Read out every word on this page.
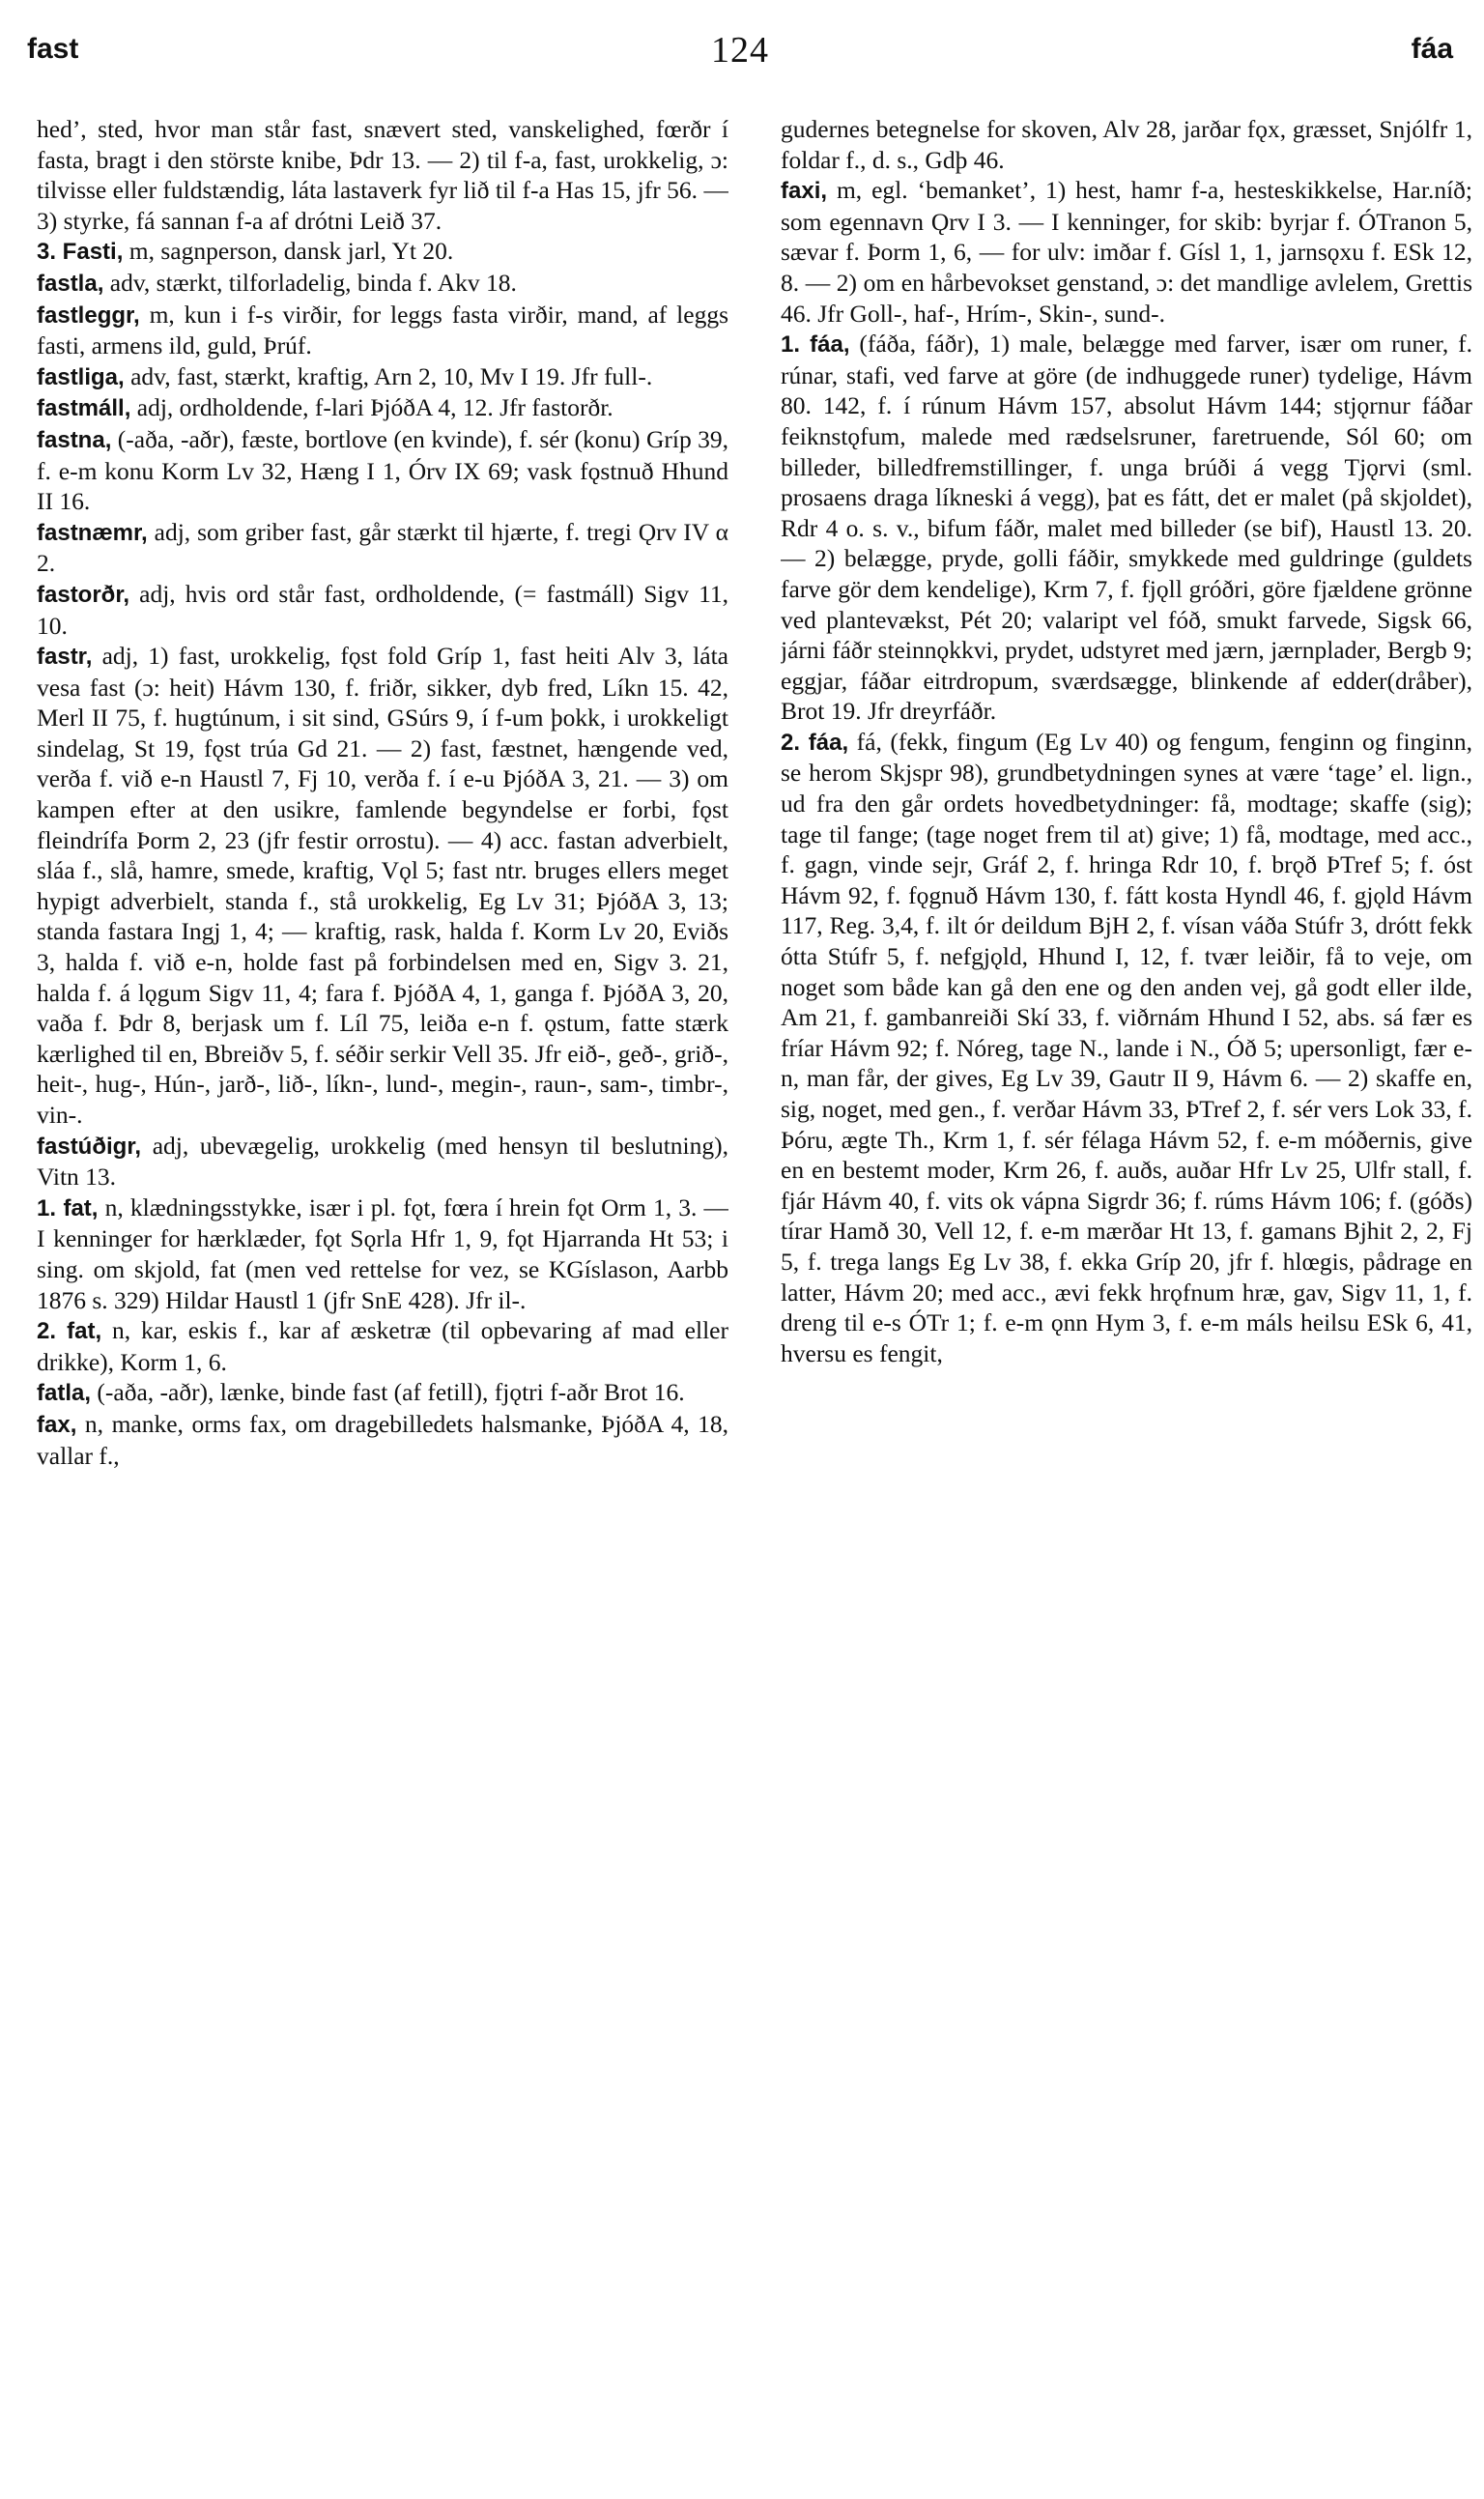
fast	124	fáa

hed’, sted, hvor man står fast, snævert sted, vanskelighed, fœrðr í fasta, bragt i den störste knibe, Þdr 13. — 2) til f-a, fast, urokkelig, ɔ: tilvisse eller fuldstændig, láta lastaverk fyr lið til f-a Has 15, jfr 56. — 3) styrke, fá sannan f-a af drótni Leið 37.

3. Fasti, m, sagnperson, dansk jarl, Yt 20.

fastla, adv, stærkt, tilforladelig, binda f. Akv 18.

fastleggr, m, kun i f-s virðir, for leggs fasta virðir, mand, af leggs fasti, armens ild, guld, Þrúf.

fastliga, adv, fast, stærkt, kraftig, Arn 2, 10, Mv I 19. Jfr full-.

fastmáll, adj, ordholdende, f-lari ÞjóðA 4, 12. Jfr fastorðr.

fastna, (-aða, -aðr), fæste, bortlove (en kvinde), f. sér (konu) Gríp 39, f. e-m konu Korm Lv 32, Hæng I 1, Órv IX 69; vask fǫstnuð Hhund II 16.

fastnæmr, adj, som griber fast, går stærkt til hjærte, f. tregi Ǫrv IV α 2.

fastorðr, adj, hvis ord står fast, ordholdende, (= fastmáll) Sigv 11, 10.

fastr, adj, 1) fast, urokkelig, fǫst fold Gríp 1, fast heiti Alv 3, láta vesa fast (ɔ: heit) Hávm 130, f. friðr, sikker, dyb fred, Líkn 15. 42, Merl II 75, f. hugtúnum, i sit sind, GSúrs 9, í f-um þokk, i urokkeligt sindelag, St 19, fǫst trúa Gd 21. — 2) fast, fæstnet, hængende ved, verða f. við e-n Haustl 7, Fj 10, verða f. í e-u ÞjóðA 3, 21. — 3) om kampen efter at den usikre, famlende begyndelse er forbi, fǫst fleindrífa Þorm 2, 23 (jfr festir orrostu). — 4) acc. fastan adverbielt, sláa f., slå, hamre, smede, kraftig, Vǫl 5; fast ntr. bruges ellers meget hypigt adverbielt, standa f., stå urokkelig, Eg Lv 31; ÞjóðA 3, 13; standa fastara Ingj 1, 4; — kraftig, rask, halda f. Korm Lv 20, Eviðs 3, halda f. við e-n, holde fast på forbindelsen med en, Sigv 3. 21, halda f. á lǫgum Sigv 11, 4; fara f. ÞjóðA 4, 1, ganga f. ÞjóðA 3, 20, vaða f. Þdr 8, berjask um f. Líl 75, leiða e-n f. ǫstum, fatte stærk kærlighed til en, Bbreiðv 5, f. séðir serkir Vell 35. Jfr eið-, geð-, grið-, heit-, hug-, Hún-, jarð-, lið-, líkn-, lund-, megin-, raun-, sam-, timbr-, vin-.

fastúðigr, adj, ubevægelig, urokkelig (med hensyn til beslutning), Vitn 13.

1. fat, n, klædningsstykke, især i pl. fǫt, fœra í hrein fǫt Orm 1, 3. — I kenninger for hærklæder, fǫt Sǫrla Hfr 1, 9, fǫt Hjarranda Ht 53; i sing. om skjold, fat (men ved rettelse for vez, se KGíslason, Aarbb 1876 s. 329) Hildar Haustl 1 (jfr SnE 428). Jfr il-.

2. fat, n, kar, eskis f., kar af æsketræ (til opbevaring af mad eller drikke), Korm 1, 6.

fatla, (-aða, -aðr), lænke, binde fast (af fetill), fjǫtri f-aðr Brot 16.

fax, n, manke, orms fax, om dragebilledets halsmanke, ÞjóðA 4, 18, vallar f.,

gudernes betegnelse for skoven, Alv 28, jarðar fǫx, græsset, Snjólfr 1, foldar f., d. s., Gdþ 46.

faxi, m, egl. ‘bemanket’, 1) hest, hamr f-a, hesteskikkelse, Har.níð; som egennavn Ǫrv I 3. — I kenninger, for skib: byrjar f. ÓTranon 5, sævar f. Þorm 1, 6, — for ulv: imðar f. Gísl 1, 1, jarnsǫxu f. ESk 12, 8. — 2) om en hårbevokset genstand, ɔ: det mandlige avlelem, Grettis 46. Jfr Goll-, haf-, Hrím-, Skin-, sund-.

1. fáa, (fáða, fáðr), 1) male, belægge med farver, især om runer, f. rúnar, stafi, ved farve at göre (de indhuggede runer) tydelige, Hávm 80. 142, f. í rúnum Hávm 157, absolut Hávm 144; stjǫrnur fáðar feiknstǫfum, malede med rædselsruner, faretruende, Sól 60; om billeder, billedfremstillinger, f. unga brúði á vegg Tjǫrvi (sml. prosaens draga líkneski á vegg), þat es fátt, det er malet (på skjoldet), Rdr 4 o. s. v., bifum fáðr, malet med billeder (se bif), Haustl 13. 20. — 2) belægge, pryde, golli fáðir, smykkede med guldringe (guldets farve gör dem kendelige), Krm 7, f. fjǫll gróðri, göre fjældene grönne ved plantevækst, Pét 20; valaript vel fóð, smukt farvede, Sigsk 66, járni fáðr steinnǫkkvi, prydet, udstyret med jærn, jærnplader, Bergb 9; eggjar, fáðar eitrdropum, sværdsægge, blinkende af edder(dråber), Brot 19. Jfr dreyrfáðr.

2. fáa, fá, (fekk, fingum (Eg Lv 40) og fengum, fenginn og finginn, se herom Skjspr 98), grundbetydningen synes at være ‘tage’ el. lign., ud fra den går ordets hovedbetydninger: få, modtage; skaffe (sig); tage til fange; (tage noget frem til at) give; 1) få, modtage, med acc., f. gagn, vinde sejr, Gráf 2, f. hringa Rdr 10, f. brǫð ÞTref 5; f. óst Hávm 92, f. fǫgnuð Hávm 130, f. fátt kosta Hyndl 46, f. gjǫld Hávm 117, Reg. 3,4, f. ilt ór deildum BjH 2, f. vísan váða Stúfr 3, drótt fekk ótta Stúfr 5, f. nefgjǫld, Hhund I, 12, f. tvær leiðir, få to veje, om noget som både kan gå den ene og den anden vej, gå godt eller ilde, Am 21, f. gambanreiði Skí 33, f. viðrnám Hhund I 52, abs. sá fær es fríar Hávm 92; f. Nóreg, tage N., lande i N., Óð 5; upersonligt, fær e-n, man får, der gives, Eg Lv 39, Gautr II 9, Hávm 6. — 2) skaffe en, sig, noget, med gen., f. verðar Hávm 33, ÞTref 2, f. sér vers Lok 33, f. Þóru, ægte Th., Krm 1, f. sér félaga Hávm 52, f. e-m móðernis, give en en bestemt moder, Krm 26, f. auðs, auðar Hfr Lv 25, Ulfr stall, f. fjár Hávm 40, f. vits ok vápna Sigrdr 36; f. rúms Hávm 106; f. (góðs) tírar Hamð 30, Vell 12, f. e-m mærðar Ht 13, f. gamans Bjhit 2, 2, Fj 5, f. trega langs Eg Lv 38, f. ekka Gríp 20, jfr f. hlœgis, pådrage en latter, Hávm 20; med acc., ævi fekk hrǫfnum hræ, gav, Sigv 11, 1, f. dreng til e-s ÓTr 1; f. e-m ǫnn Hym 3, f. e-m máls heilsu ESk 6, 41, hversu es fengit,
